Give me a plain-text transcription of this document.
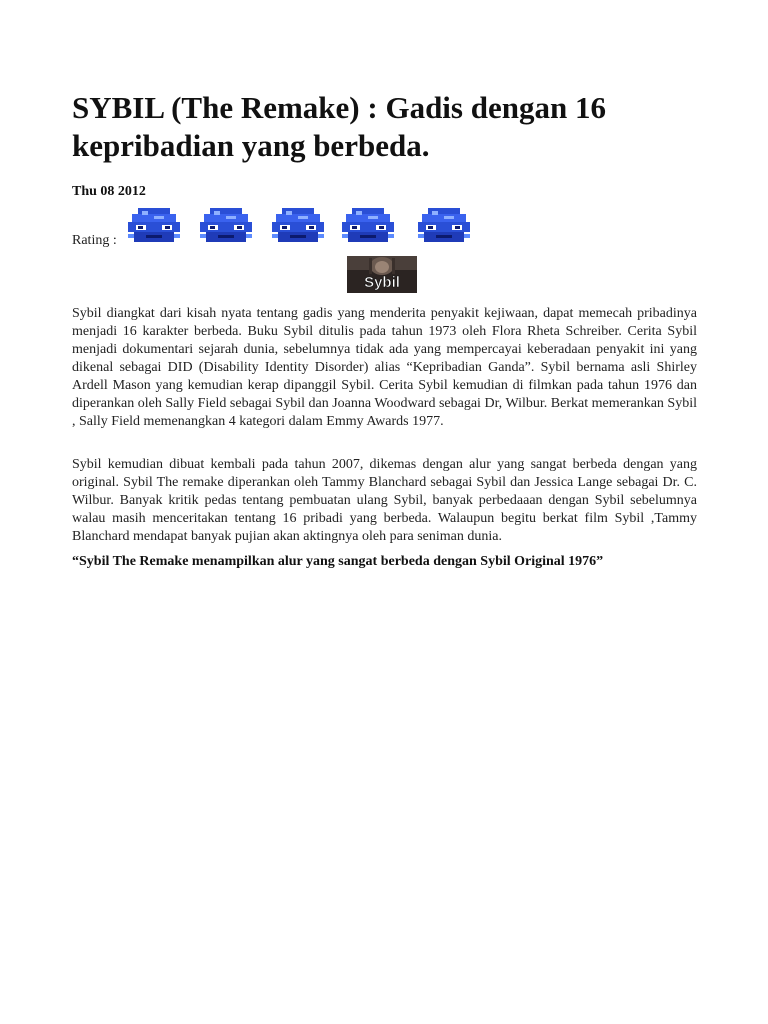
SYBIL (The Remake) : Gadis dengan 16 kepribadian yang berbeda.
Thu 08 2012
Rating :
Sybil

Sybil diangkat dari kisah nyata tentang gadis yang menderita penyakit kejiwaan, dapat memecah pribadinya menjadi 16 karakter berbeda. Buku Sybil ditulis pada tahun 1973 oleh Flora Rheta Schreiber. Cerita Sybil menjadi dokumentari sejarah dunia, sebelumnya tidak ada yang mempercayai keberadaan penyakit ini yang dikenal sebagai DID (Disability Identity Disorder) alias “Kepribadian Ganda”. Sybil bernama asli Shirley Ardell Mason yang kemudian kerap dipanggil Sybil. Cerita Sybil kemudian di filmkan pada tahun 1976 dan diperankan oleh Sally Field sebagai Sybil dan Joanna Woodward sebagai Dr, Wilbur. Berkat memerankan Sybil , Sally Field memenangkan 4 kategori dalam Emmy Awards 1977.

Sybil kemudian dibuat kembali pada tahun 2007, dikemas dengan alur yang sangat berbeda dengan yang original. Sybil The remake diperankan oleh Tammy Blanchard sebagai Sybil dan Jessica Lange sebagai Dr. C. Wilbur. Banyak kritik pedas tentang pembuatan ulang Sybil, banyak perbedaaan dengan Sybil sebelumnya walau masih menceritakan tentang 16 pribadi yang berbeda. Walaupun begitu berkat film Sybil ,Tammy Blanchard mendapat banyak pujian akan aktingnya oleh para seniman dunia.

“Sybil The Remake menampilkan alur yang sangat berbeda dengan Sybil Original 1976”
